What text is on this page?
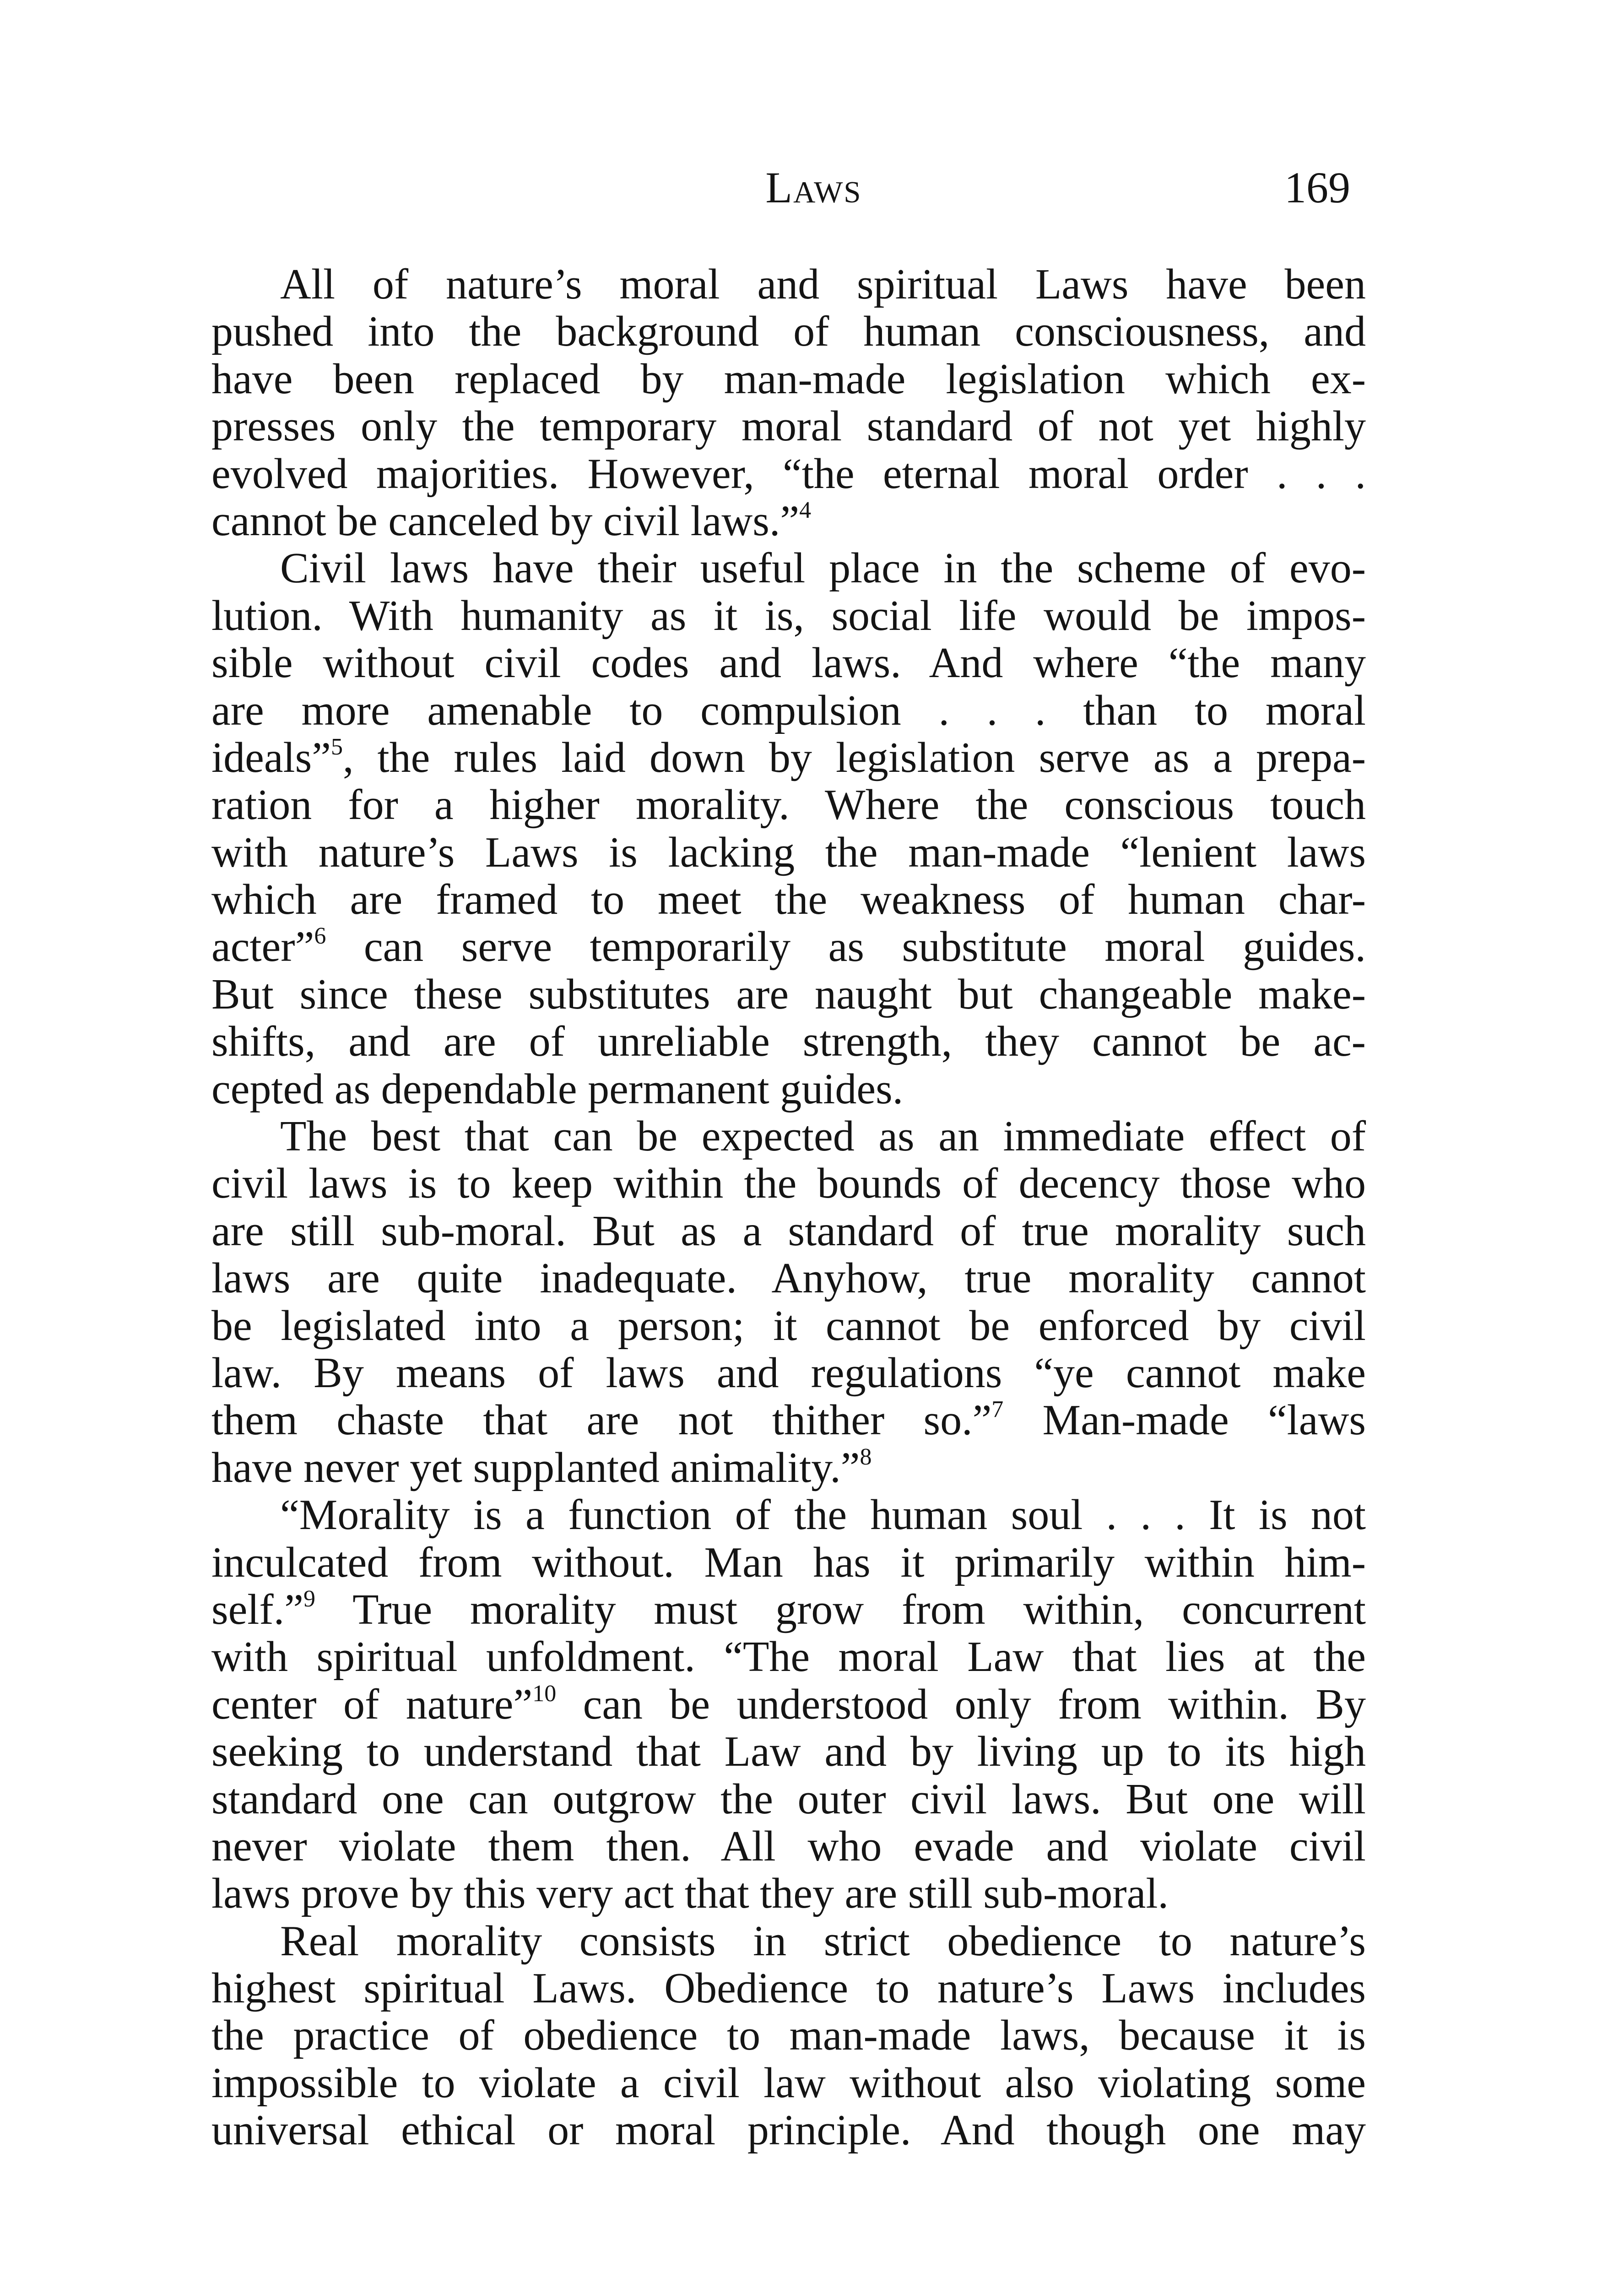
Laws	169
All of nature’s moral and spiritual Laws have been
pushed into the background of human consciousness, and
have been replaced by man-made legislation which ex-
presses only the temporary moral standard of not yet highly
evolved majorities. However, “the eternal moral order . . .
cannot be canceled by civil laws.”$^4$
Civil laws have their useful place in the scheme of evo-
lution. With humanity as it is, social life would be impos-
sible without civil codes and laws. And where “the many
are more amenable to compulsion . . . than to moral
ideals”$^5$, the rules laid down by legislation serve as a prepa-
ration for a higher morality. Where the conscious touch
with nature’s Laws is lacking the man-made “lenient laws
which are framed to meet the weakness of human char-
acter”$^6$ can serve temporarily as substitute moral guides.
But since these substitutes are naught but changeable make-
shifts, and are of unreliable strength, they cannot be ac-
cepted as dependable permanent guides.
The best that can be expected as an immediate effect of
civil laws is to keep within the bounds of decency those who
are still sub-moral. But as a standard of true morality such
laws are quite inadequate. Anyhow, true morality cannot
be legislated into a person; it cannot be enforced by civil
law. By means of laws and regulations “ye cannot make
them chaste that are not thither so.”$^7$ Man-made “laws
have never yet supplanted animality.”$^8$
“Morality is a function of the human soul . . . It is not
inculcated from without. Man has it primarily within him-
self.”$^9$ True morality must grow from within, concurrent
with spiritual unfoldment. “The moral Law that lies at the
center of nature”$^{10}$ can be understood only from within. By
seeking to understand that Law and by living up to its high
standard one can outgrow the outer civil laws. But one will
never violate them then. All who evade and violate civil
laws prove by this very act that they are still sub-moral.
Real morality consists in strict obedience to nature’s
highest spiritual Laws. Obedience to nature’s Laws includes
the practice of obedience to man-made laws, because it is
impossible to violate a civil law without also violating some
universal ethical or moral principle. And though one may
